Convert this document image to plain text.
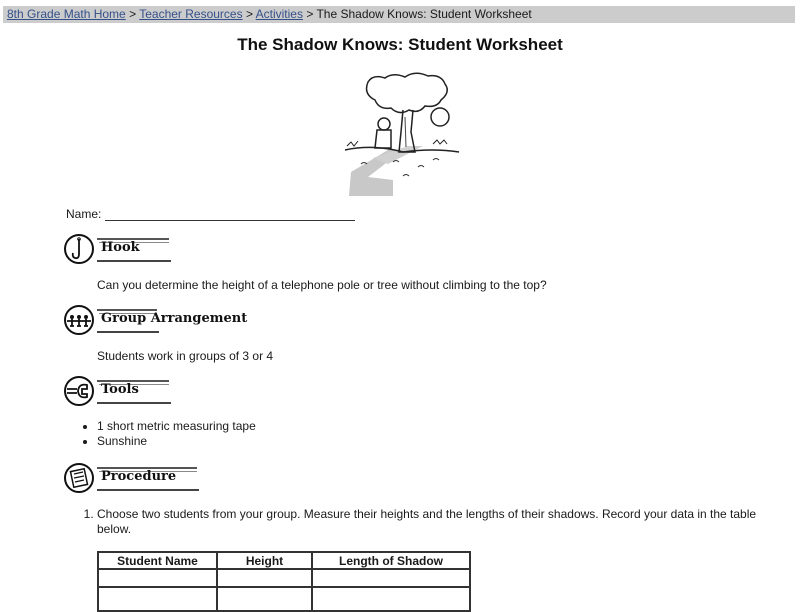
8th Grade Math Home > Teacher Resources > Activities > The Shadow Knows: Student Worksheet
The Shadow Knows: Student Worksheet
Name:
Hook
Can you determine the height of a telephone pole or tree without climbing to the top?
Group Arrangement
Students work in groups of 3 or 4
Tools
• 1 short metric measuring tape
• Sunshine
Procedure
1. Choose two students from your group. Measure their heights and the lengths of their shadows. Record your data in the table below.
Student Name	Height	Length of Shadow
